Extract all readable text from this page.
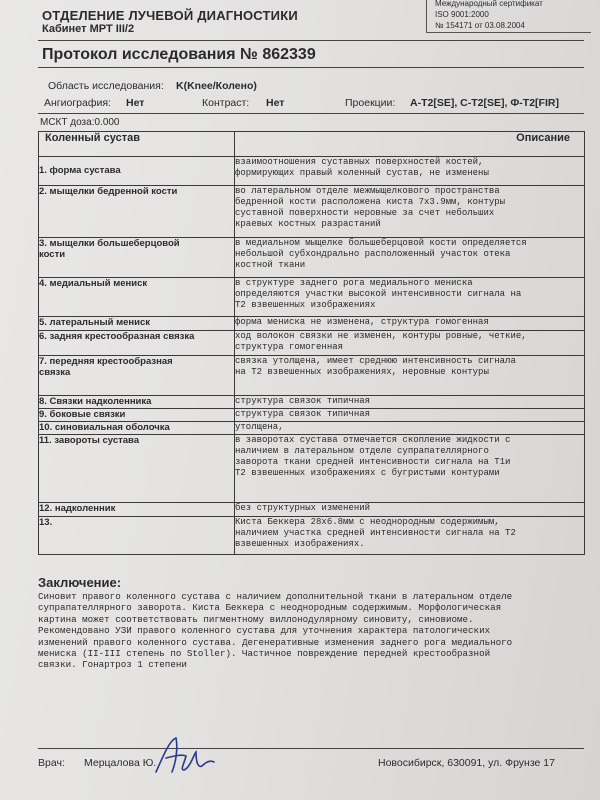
ОТДЕЛЕНИЕ ЛУЧЕВОЙ ДИАГНОСТИКИ
Кабинет МРТ III/2
Международный сертификат
ISO 9001:2000
№ 154171 от 03.08.2004
Протокол исследования № 862339
Область исследования: K(Knee/Колено)
Ангиография: Нет	Контраст: Нет	Проекции: A-T2[SE], C-T2[SE], Ф-T2[FIR]
МСКТ доза:0.000
Коленный сустав	Описание
1. форма сустава	взаимоотношения суставных поверхностей костей,
формирующих правый коленный сустав, не изменены
2. мыщелки бедренной кости	во латеральном отделе межмыщелкового пространства
бедренной кости расположена киста 7x3.9мм, контуры
суставной поверхности неровные за счет небольших
краевых костных разрастаний
3. мыщелки большеберцовой
кости	в медиальном мыщелке большеберцовой кости определяется
небольшой субхондрально расположенный участок отека
костной ткани
4. медиальный мениск	в структуре заднего рога медиального мениска
определяются участки высокой интенсивности сигнала на
T2 взвешенных изображениях
5. латеральный мениск	форма мениска не изменена, структура гомогенная
6. задняя крестообразная связка	ход волокон связки не изменен, контуры ровные, четкие,
структура гомогенная
7. передняя крестообразная
связка	связка утолщена, имеет среднюю интенсивность сигнала
на T2 взвешенных изображениях, неровные контуры
8. Связки надколенника	структура связок типичная
9. боковые связки	структура связок типичная
10. синовиальная оболочка	утолщена,
11. завороты сустава	в заворотах сустава отмечается скопление жидкости с
наличием в латеральном отделе супрапателлярного
заворота ткани средней интенсивности сигнала на T1и
T2 взвешенных изображениях с бугристыми контурами
12. надколенник	без структурных изменений
13.	Киста Беккера 28х6.8мм с неоднородным содержимым,
наличием участка средней интенсивности сигнала на T2
взвешенных изображениях.
Заключение:
Синовит правого коленного сустава с наличием дополнительной ткани в латеральном отделе
супрапателлярного заворота. Киста Беккера с неоднородным содержимым. Морфологическая
картина может соответствовать пигментному виллонодулярному синовиту, синовиоме.
Рекомендовано УЗИ правого коленного сустава для уточнения характера патологических
изменений правого коленного сустава. Дегенеративные изменения заднего рога медиального
мениска (II-III степень по Stoller). Частичное повреждение передней крестообразной
связки. Гонартроз 1 степени
Врач: Мерцалова Ю.	Новосибирск, 630091, ул. Фрунзе 17
